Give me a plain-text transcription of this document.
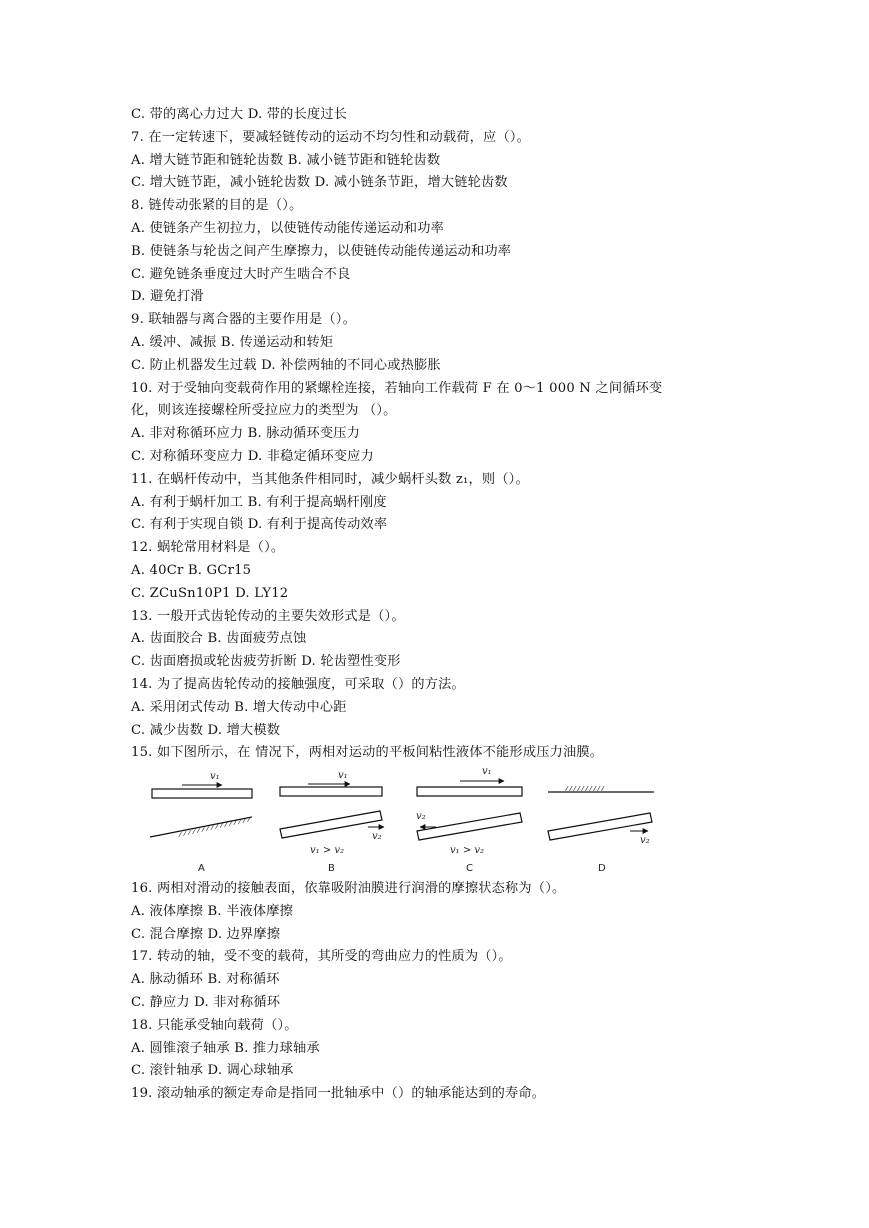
C. 带的离心力过大 D. 带的长度过长
7. 在一定转速下，要减轻链传动的运动不均匀性和动载荷，应（）。
A. 增大链节距和链轮齿数 B. 减小链节距和链轮齿数
C. 增大链节距，减小链轮齿数 D. 减小链条节距，增大链轮齿数
8. 链传动张紧的目的是（）。
A. 使链条产生初拉力，以使链传动能传递运动和功率
B. 使链条与轮齿之间产生摩擦力，以使链传动能传递运动和功率
C. 避免链条垂度过大时产生啮合不良
D. 避免打滑
9. 联轴器与离合器的主要作用是（）。
A. 缓冲、减振 B. 传递运动和转矩
C. 防止机器发生过载 D. 补偿两轴的不同心或热膨胀
10. 对于受轴向变载荷作用的紧螺栓连接，若轴向工作载荷 F 在 0～1 000 N 之间循环变
化，则该连接螺栓所受拉应力的类型为 （）。
A. 非对称循环应力 B. 脉动循环变压力
C. 对称循环变应力 D. 非稳定循环变应力
11. 在蜗杆传动中，当其他条件相同时，减少蜗杆头数 z₁，则（）。
A. 有利于蜗杆加工 B. 有利于提高蜗杆刚度
C. 有利于实现自锁 D. 有利于提高传动效率
12. 蜗轮常用材料是（）。
A. 40Cr B. GCr15
C. ZCuSn10P1 D. LY12
13. 一般开式齿轮传动的主要失效形式是（）。
A. 齿面胶合 B. 齿面疲劳点蚀
C. 齿面磨损或轮齿疲劳折断 D. 轮齿塑性变形
14. 为了提高齿轮传动的接触强度，可采取（）的方法。
A. 采用闭式传动 B. 增大传动中心距
C. 减少齿数 D. 增大模数
15. 如下图所示，在 情况下，两相对运动的平板间粘性液体不能形成压力油膜。
v₁
A
v₁
v₂
v₁ > v₂
B
v₁
v₂
v₁ > v₂
C
v₂
D
16. 两相对滑动的接触表面，依靠吸附油膜进行润滑的摩擦状态称为（）。
A. 液体摩擦 B. 半液体摩擦
C. 混合摩擦 D. 边界摩擦
17. 转动的轴，受不变的载荷，其所受的弯曲应力的性质为（）。
A. 脉动循环 B. 对称循环
C. 静应力 D. 非对称循环
18. 只能承受轴向载荷（）。
A. 圆锥滚子轴承 B. 推力球轴承
C. 滚针轴承 D. 调心球轴承
19. 滚动轴承的额定寿命是指同一批轴承中（）的轴承能达到的寿命。
